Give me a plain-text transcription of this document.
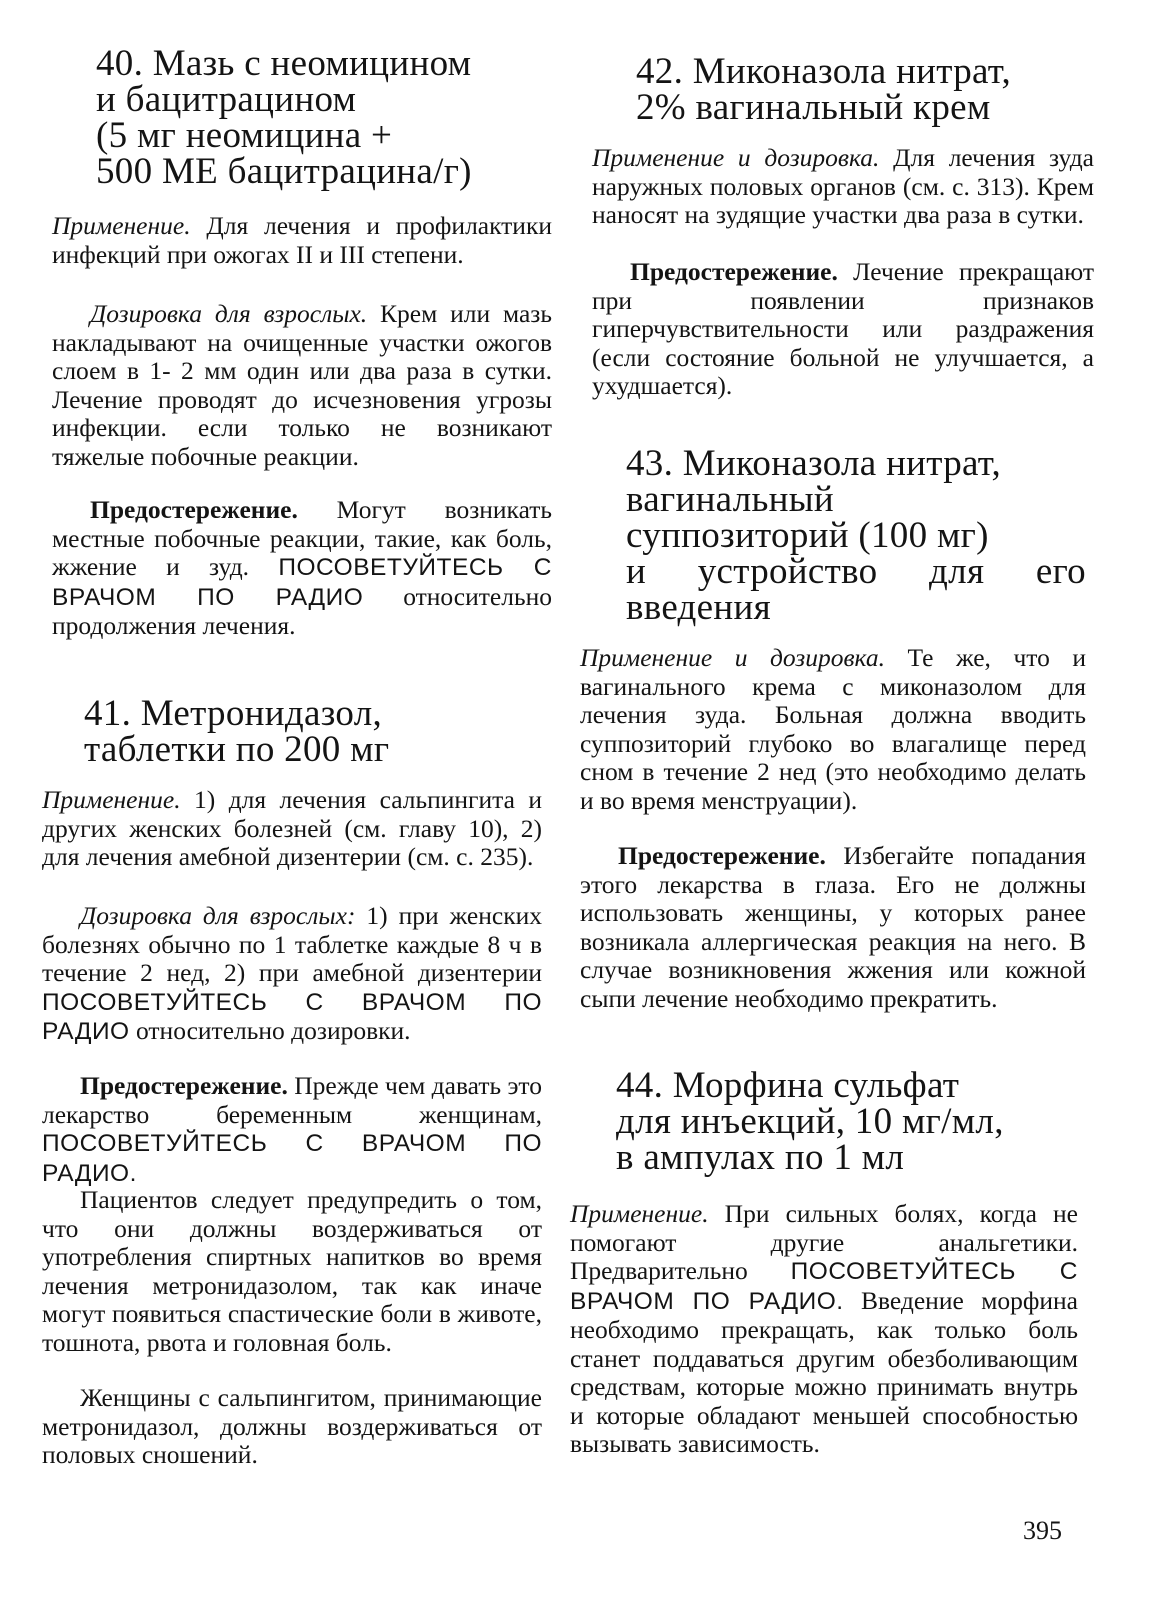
40. Мазь с неомицином
и бацитрацином
(5 мг неомицина +
500 МЕ бацитрацина/г)

Применение. Для лечения и профилактики инфекций при ожогах II и III степени.

Дозировка для взрослых. Крем или мазь накладывают на очищенные участки ожогов слоем в 1- 2 мм один или два раза в сутки. Лечение проводят до исчезновения угрозы инфекции. если только не возникают тяжелые побочные реакции.

Предостережение. Могут возникать местные побочные реакции, такие, как боль, жжение и зуд. ПОСОВЕТУЙТЕСЬ С ВРАЧОМ ПО РАДИО относительно продолжения лечения.

41. Метронидазол,
таблетки по 200 мг

Применение. 1) для лечения сальпингита и других женских болезней (см. главу 10), 2) для лечения амебной дизентерии (см. с. 235).

Дозировка для взрослых: 1) при женских болезнях обычно по 1 таблетке каждые 8 ч в течение 2 нед, 2) при амебной дизентерии ПОСОВЕТУЙТЕСЬ С ВРАЧОМ ПО РАДИО относительно дозировки.

Предостережение. Прежде чем давать это лекарство беременным женщинам, ПОСОВЕТУЙТЕСЬ С ВРАЧОМ ПО РАДИО.

Пациентов следует предупредить о том, что они должны воздерживаться от употребления спиртных напитков во время лечения метронидазолом, так как иначе могут появиться спастические боли в животе, тошнота, рвота и головная боль.

Женщины с сальпингитом, принимающие метронидазол, должны воздерживаться от половых сношений.

42. Миконазола нитрат,
2% вагинальный крем

Применение и дозировка. Для лечения зуда наружных половых органов (см. с. 313). Крем наносят на зудящие участки два раза в сутки.

Предостережение. Лечение прекращают при появлении признаков гиперчувствительности или раздражения (если состояние больной не улучшается, а ухудшается).

43. Миконазола нитрат,
вагинальный
суппозиторий (100 мг)
и устройство для его
введения

Применение и дозировка. Те же, что и вагинального крема с миконазолом для лечения зуда. Больная должна вводить суппозиторий глубоко во влагалище перед сном в течение 2 нед (это необходимо делать и во время менструации).

Предостережение. Избегайте попадания этого лекарства в глаза. Его не должны использовать женщины, у которых ранее возникала аллергическая реакция на него. В случае возникновения жжения или кожной сыпи лечение необходимо прекратить.

44. Морфина сульфат
для инъекций, 10 мг/мл,
в ампулах по 1 мл

Применение. При сильных болях, когда не помогают другие анальгетики. Предварительно ПОСОВЕТУЙТЕСЬ С ВРАЧОМ ПО РАДИО. Введение морфина необходимо прекращать, как только боль станет поддаваться другим обезболивающим средствам, которые можно принимать внутрь и которые обладают меньшей способностью вызывать зависимость.

395
